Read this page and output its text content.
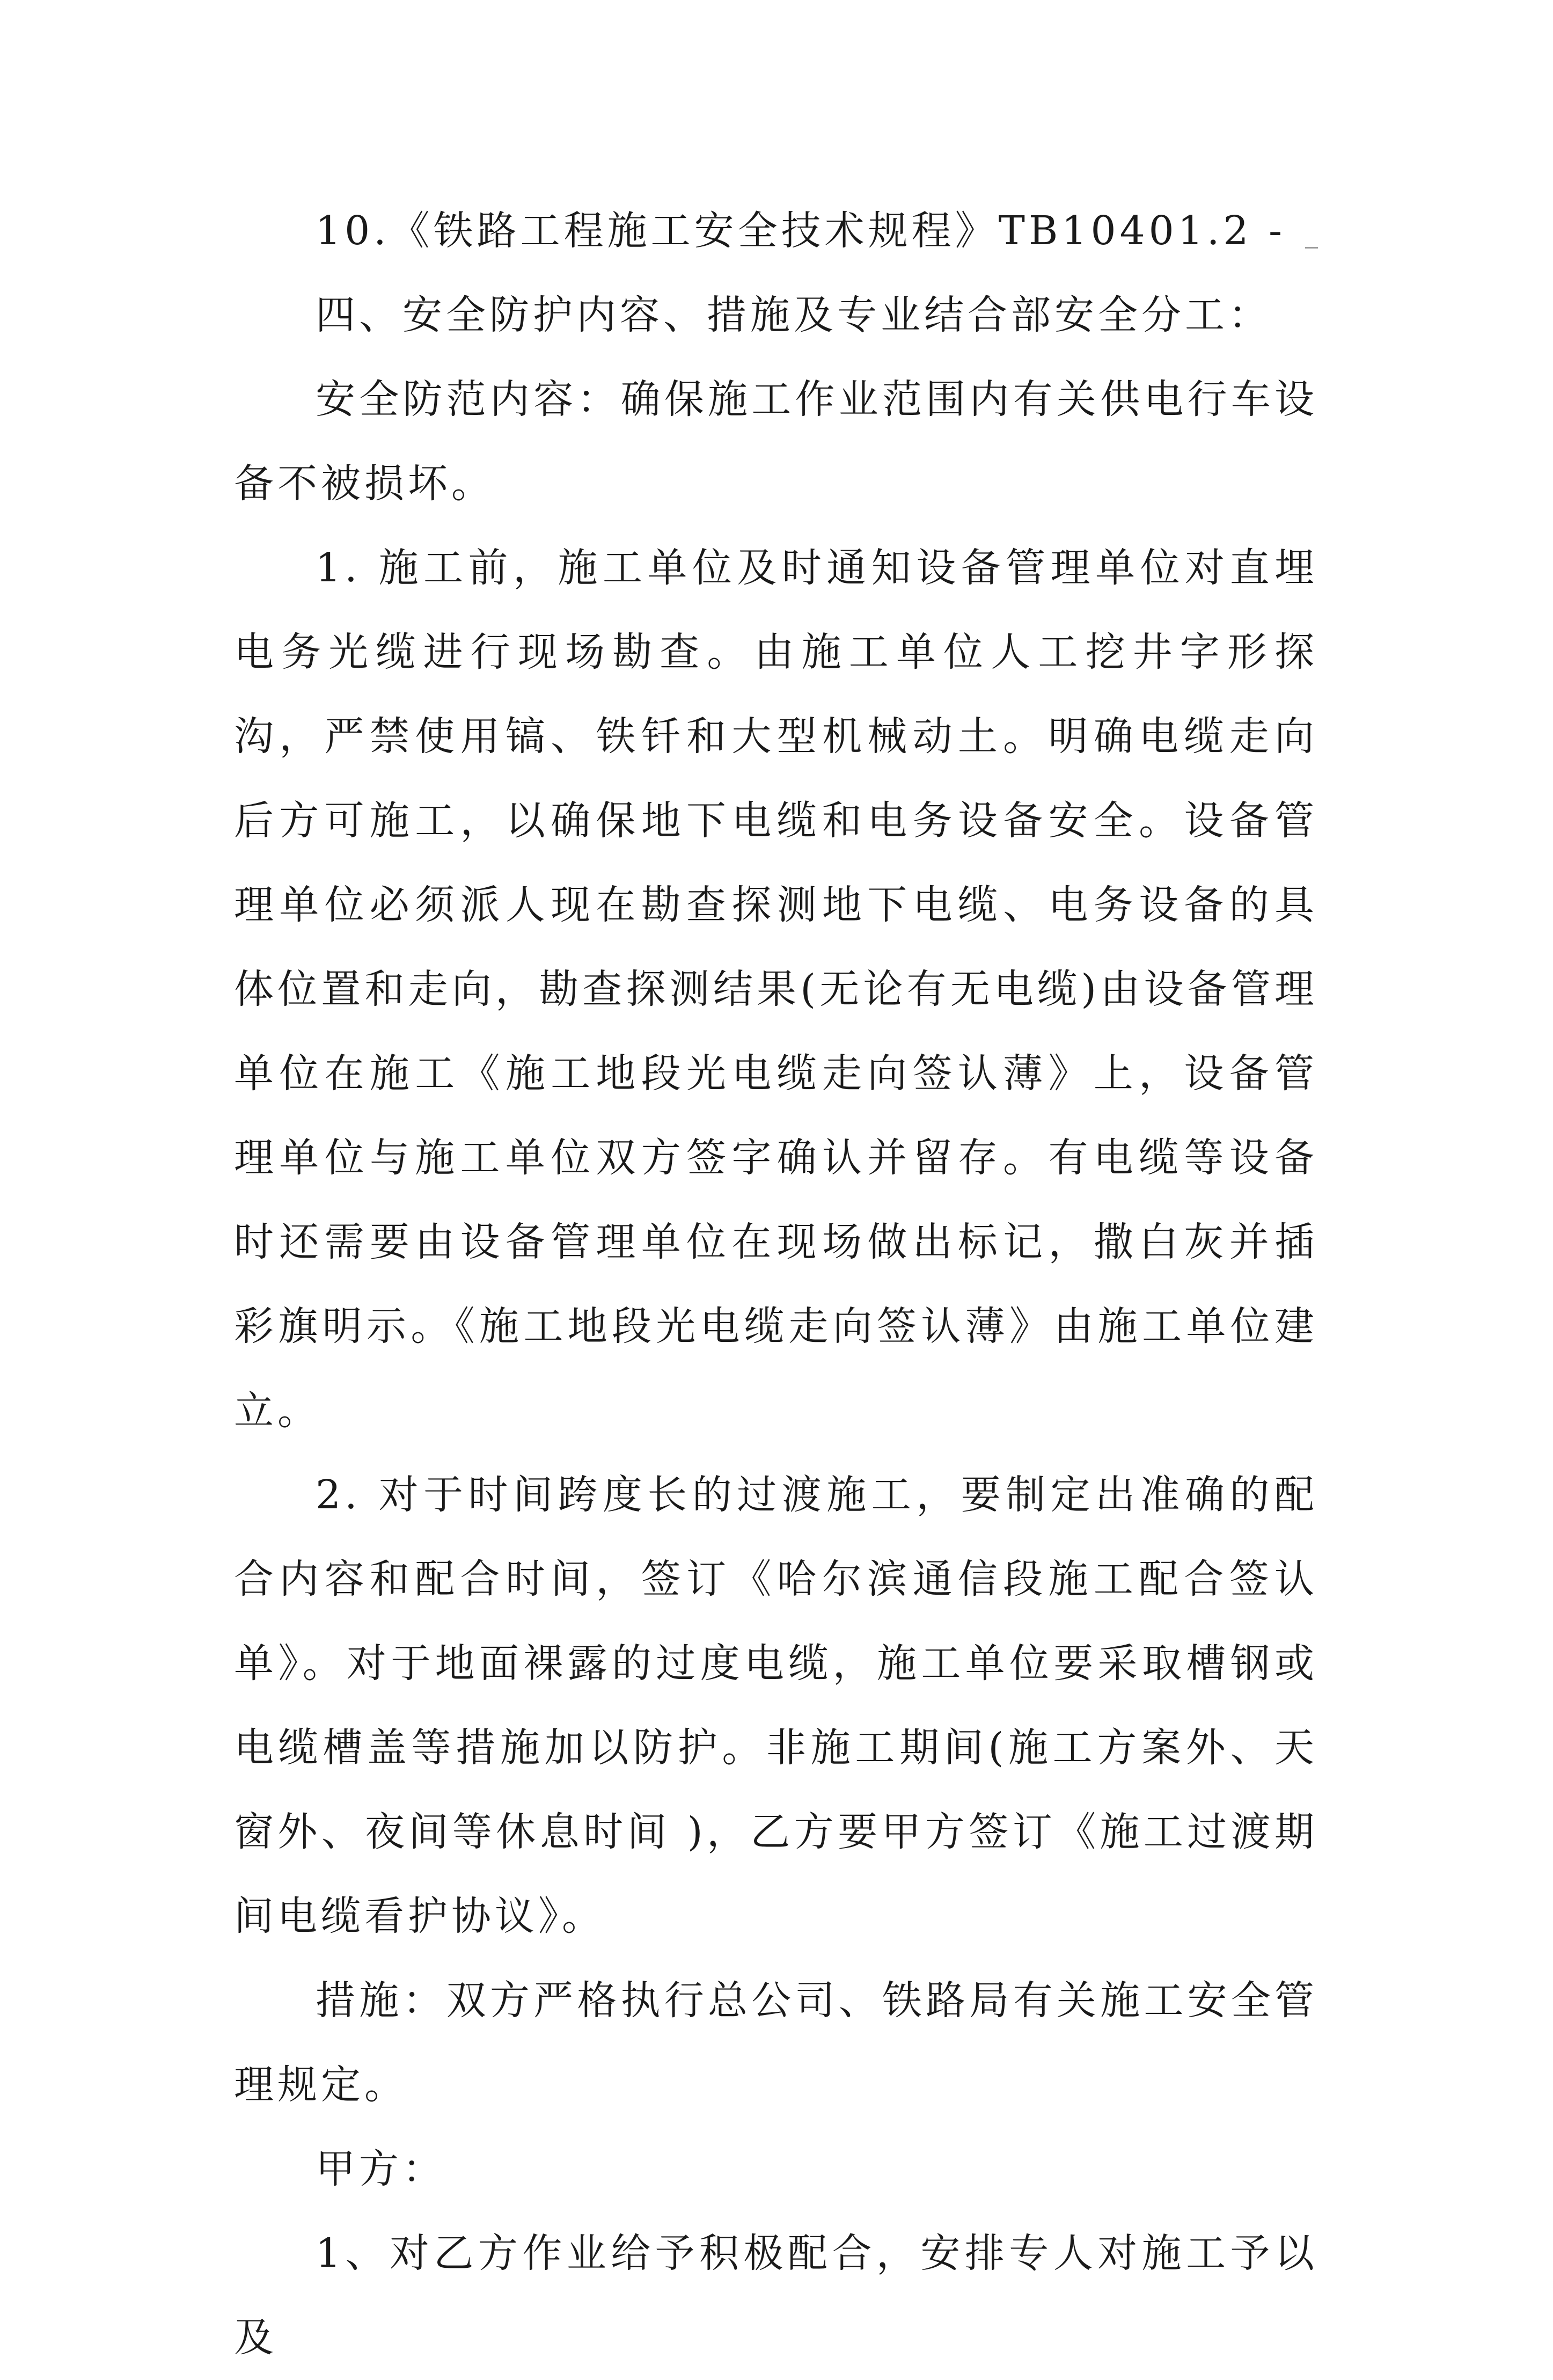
10.《铁路工程施工安全技术规程》TB10401.2 -

四、安全防护内容、措施及专业结合部安全分工：

安全防范内容：确保施工作业范围内有关供电行车设备不被损坏。

1. 施工前，施工单位及时通知设备管理单位对直埋电务光缆进行现场勘查。由施工单位人工挖井字形探沟，严禁使用镐、铁钎和大型机械动土。明确电缆走向后方可施工，以确保地下电缆和电务设备安全。设备管理单位必须派人现在勘查探测地下电缆、电务设备的具体位置和走向，勘查探测结果(无论有无电缆)由设备管理单位在施工《施工地段光电缆走向签认薄》上，设备管理单位与施工单位双方签字确认并留存。有电缆等设备时还需要由设备管理单位在现场做出标记，撒白灰并插彩旗明示。《施工地段光电缆走向签认薄》由施工单位建立。

2. 对于时间跨度长的过渡施工，要制定出准确的配合内容和配合时间，签订《哈尔滨通信段施工配合签认单》。对于地面裸露的过度电缆，施工单位要采取槽钢或电缆槽盖等措施加以防护。非施工期间(施工方案外、天窗外、夜间等休息时间 )，乙方要甲方签订《施工过渡期间电缆看护协议》。

措施：双方严格执行总公司、铁路局有关施工安全管理规定。

甲方：

1、对乙方作业给予积极配合，安排专人对施工予以及
